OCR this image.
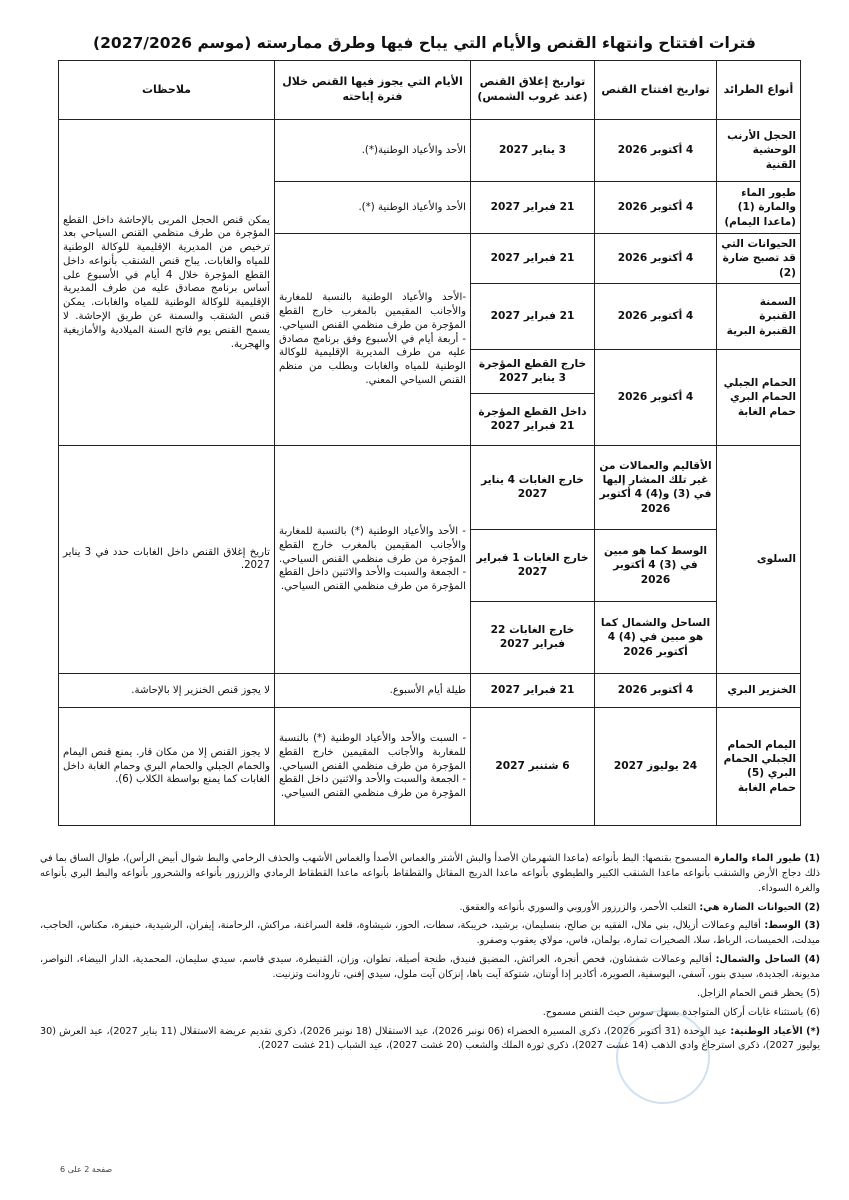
فترات افتتاح وانتهاء القنص والأيام التي يباح فيها وطرق ممارسته (موسم 2027/2026)
أنواع الطرائد	تواريخ افتتاح القنص	تواريخ إغلاق القنص (عند غروب الشمس)	الأيام التي يجوز فيها القنص خلال فترة إباحته	ملاحظات
الحجل الأرنب الوحشية القنية	4 أكتوبر 2026	3 يناير 2027	الأحد والأعياد الوطنية(*).	يمكن قنص الحجل المربى بالإحاشة داخل القطع المؤجرة من طرف منظمي القنص السياحي بعد ترخيص من المديرية الإقليمية للوكالة الوطنية للمياه والغابات. يباح قنص الشنقب بأنواعه داخل القطع المؤجرة خلال 4 أيام في الأسبوع على أساس برنامج مصادق عليه من طرف المديرية الإقليمية للوكالة الوطنية للمياه والغابات. يمكن قنص الشنقب والسمنة عن طريق الإحاشة. لا يسمح القنص يوم فاتح السنة الميلادية والأمازيغية والهجرية.
طيور الماء والمارة (1) (ماعدا اليمام)	4 أكتوبر 2026	21 فبراير 2027	الأحد والأعياد الوطنية (*).	
الحيوانات التي قد تصبح ضارة (2)	4 أكتوبر 2026	21 فبراير 2027	-الأحد والأعياد الوطنية بالنسبة للمغاربة والأجانب المقيمين بالمغرب خارج القطع المؤجرة من طرف منظمي القنص السياحي. - أربعة أيام في الأسبوع وفق برنامج مصادق عليه من طرف المديرية الإقليمية للوكالة الوطنية للمياه والغابات وبطلب من منظم القنص السياحي المعني.	
السمنة القنبرة القنبرة البرية	4 أكتوبر 2026	21 فبراير 2027		
الحمام الجبلي الحمام البري حمام الغابة	4 أكتوبر 2026	خارج القطع المؤجرة 3 يناير 2027		
		داخل القطع المؤجرة 21 فبراير 2027		
السلوى	الأقاليم والعمالات من غير تلك المشار إليها في (3) و(4) 4 أكتوبر 2026	خارج الغابات 4 يناير 2027	- الأحد والأعياد الوطنية (*) بالنسبة للمغاربة والأجانب المقيمين بالمغرب خارج القطع المؤجرة من طرف منظمي القنص السياحي. - الجمعة والسبت والأحد والاثنين داخل القطع المؤجرة من طرف منظمي القنص السياحي.	تاريخ إغلاق القنص داخل الغابات حدد في 3 يناير 2027.
	الوسط كما هو مبين في (3) 4 أكتوبر 2026	خارج الغابات 1 فبراير 2027		
	الساحل والشمال كما هو مبين في (4) 4 أكتوبر 2026	خارج الغابات 22 فبراير 2027		
الخنزير البري	4 أكتوبر 2026	21 فبراير 2027	طيلة أيام الأسبوع.	لا يجوز قنص الخنزير إلا بالإحاشة.
اليمام الحمام الجبلي الحمام البري (5) حمام الغابة	24 يوليوز 2027	6 شتنبر 2027	- السبت والأحد والأعياد الوطنية (*) بالنسبة للمغاربة والأجانب المقيمين خارج القطع المؤجرة من طرف منظمي القنص السياحي. - الجمعة والسبت والأحد والاثنين داخل القطع المؤجرة من طرف منظمي القنص السياحي.	لا يجوز القنص إلا من مكان قار. يمنع قنص اليمام والحمام الجبلي والحمام البري وحمام الغابة داخل الغابات كما يمنع بواسطة الكلاب (6).

(1) طيور الماء والمارة المسموح بقنصها: البط بأنواعه (ماعدا الشهرمان الأصدأ والبش الأشتر والغماس الأصدأ والغماس الأشهب والحذف الرخامي والبط شوال أبيض الرأس)، طوال الساق بما في ذلك دجاج الأرض والشنقب بأنواعه ماعدا الشنقب الكبير والطيطوي بأنواعه ماعدا الدريج المقاتل والقطقاط بأنواعه ماعدا القطقاط الرمادي والزرزور بأنواعه والشحرور بأنواعه والبط البري بأنواعه والغرة السوداء.

(2) الحيوانات الضارة هي: الثعلب الأحمر، والزرزور الأوروبي والسوري بأنواعه والعقعق.

(3) الوسط: أقاليم وعمالات أزيلال، بني ملال، الفقيه بن صالح، بنسليمان، برشيد، خريبكة، سطات، الحوز، شيشاوة، قلعة السراغنة، مراكش، الرحامنة، إيفران، الرشيدية، خنيفرة، مكناس، الحاجب، ميدلت، الخميسات، الرباط، سلا، الصخيرات تمارة، بولمان، فاس، مولاي يعقوب وصفرو.

(4) الساحل والشمال: أقاليم وعمالات شفشاون، فحص أنجرة، العرائش، المضيق فنيدق، طنجة أصيلة، تطوان، وزان، القنيطرة، سيدي قاسم، سيدي سليمان، المحمدية، الدار البيضاء، النواصر، مديونة، الجديدة، سيدي بنور، آسفي، اليوسفية، الصويرة، أكادير إدا أوتنان، شتوكة آيت باها، إنزكان آيت ملول، سيدي إفني، تارودانت وتزنيت.

(5) يحظر قنص الحمام الزاجل.

(6) باستثناء غابات أركان المتواجدة بسهل سوس حيث القنص مسموح.

(*) الأعياد الوطنية: عيد الوحدة (31 أكتوبر 2026)، ذكرى المسيرة الخضراء (06 نونبر 2026)، عيد الاستقلال (18 نونبر 2026)، ذكرى تقديم عريضة الاستقلال (11 يناير 2027)، عيد العرش (30 يوليوز 2027)، ذكرى استرجاع وادي الذهب (14 غشت 2027)، ذكرى ثورة الملك والشعب (20 غشت 2027)، عيد الشباب (21 غشت 2027).

صفحة 2 على 6
